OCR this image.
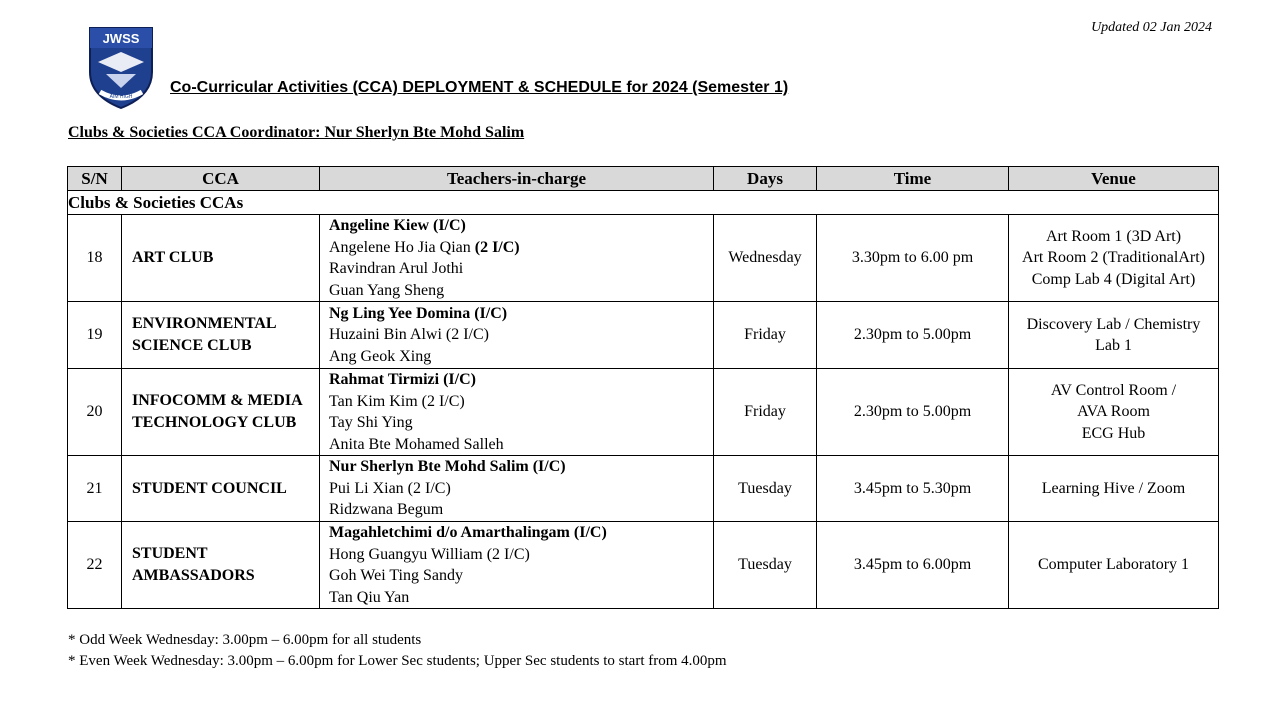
JWSS
AIM HIGH
Updated 02 Jan 2024
Co-Curricular Activities (CCA) DEPLOYMENT & SCHEDULE for 2024 (Semester 1)
Clubs & Societies CCA Coordinator: Nur Sherlyn Bte Mohd Salim
S/N	CCA	Teachers-in-charge	Days	Time	Venue
Clubs & Societies CCAs					
18	ART CLUB	Angeline Kiew (I/C)
Angelene Ho Jia Qian (2 I/C)
Ravindran Arul Jothi
Guan Yang Sheng	Wednesday	3.30pm to 6.00 pm	Art Room 1 (3D Art)
Art Room 2 (TraditionalArt)
Comp Lab 4 (Digital Art)

19	ENVIRONMENTAL
SCIENCE CLUB	Ng Ling Yee Domina (I/C)
Huzaini Bin Alwi (2 I/C)
Ang Geok Xing	Friday	2.30pm to 5.00pm	Discovery Lab / Chemistry
Lab 1

20	INFOCOMM & MEDIA
TECHNOLOGY CLUB	Rahmat Tirmizi (I/C)
Tan Kim Kim (2 I/C)
Tay Shi Ying
Anita Bte Mohamed Salleh	Friday	2.30pm to 5.00pm	AV Control Room /
AVA Room
ECG Hub

21	STUDENT COUNCIL	Nur Sherlyn Bte Mohd Salim (I/C)
Pui Li Xian (2 I/C)
Ridzwana Begum	Tuesday	3.45pm to 5.30pm	Learning Hive / Zoom

22	STUDENT
AMBASSADORS	Magahletchimi d/o Amarthalingam (I/C)
Hong Guangyu William (2 I/C)
Goh Wei Ting Sandy
Tan Qiu Yan	Tuesday	3.45pm to 6.00pm	Computer Laboratory 1
* Odd Week Wednesday: 3.00pm – 6.00pm for all students
* Even Week Wednesday: 3.00pm – 6.00pm for Lower Sec students; Upper Sec students to start from 4.00pm
